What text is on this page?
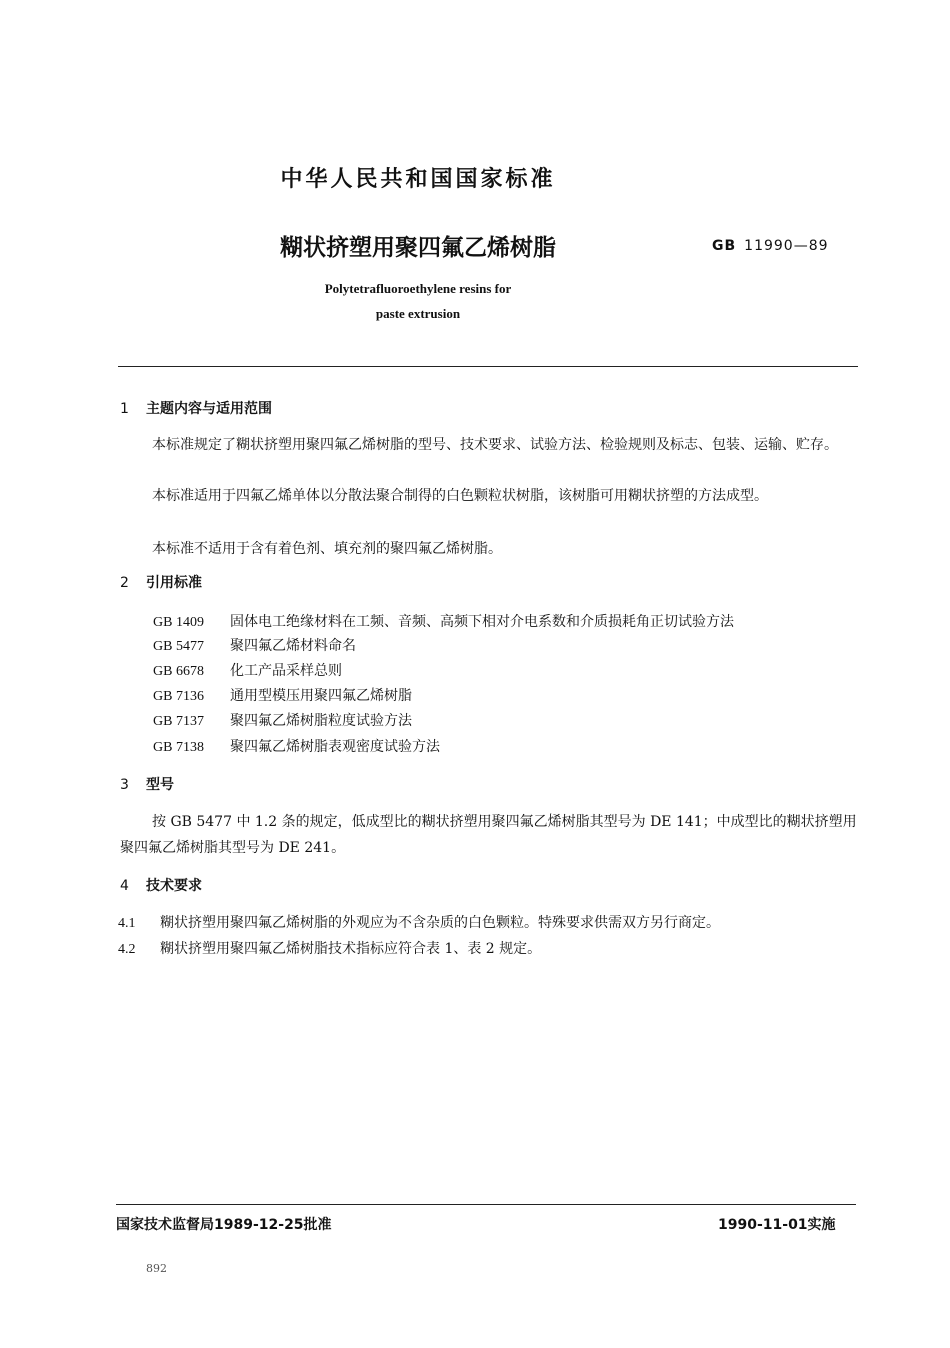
中华人民共和国国家标准
糊状挤塑用聚四氟乙烯树脂	GB 11990—89
Polytetrafluoroethylene resins for
paste extrusion
1 主题内容与适用范围
本标准规定了糊状挤塑用聚四氟乙烯树脂的型号、技术要求、试验方法、检验规则及标志、包装、运输、贮存。
本标准适用于四氟乙烯单体以分散法聚合制得的白色颗粒状树脂，该树脂可用糊状挤塑的方法成型。
本标准不适用于含有着色剂、填充剂的聚四氟乙烯树脂。
2 引用标准
GB 1409 固体电工绝缘材料在工频、音频、高频下相对介电系数和介质损耗角正切试验方法
GB 5477 聚四氟乙烯材料命名
GB 6678 化工产品采样总则
GB 7136 通用型模压用聚四氟乙烯树脂
GB 7137 聚四氟乙烯树脂粒度试验方法
GB 7138 聚四氟乙烯树脂表观密度试验方法
3 型号
按 GB 5477 中 1.2 条的规定，低成型比的糊状挤塑用聚四氟乙烯树脂其型号为 DE 141；中成型比的糊状挤塑用聚四氟乙烯树脂其型号为 DE 241。
4 技术要求
4.1 糊状挤塑用聚四氟乙烯树脂的外观应为不含杂质的白色颗粒。特殊要求供需双方另行商定。
4.2 糊状挤塑用聚四氟乙烯树脂技术指标应符合表 1、表 2 规定。
国家技术监督局1989-12-25批准	1990-11-01实施
892
